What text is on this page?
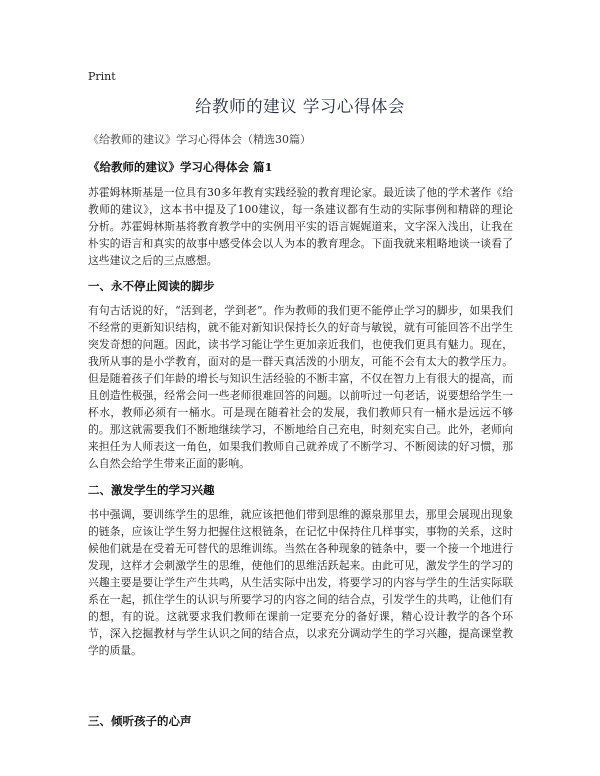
Print
给教师的建议 学习心得体会
《给教师的建议》学习心得体会（精选30篇）
《给教师的建议》学习心得体会 篇1
苏霍姆林斯基是一位具有30多年教育实践经验的教育理论家。最近读了他的学术著作《给教师的建议》，这本书中提及了100建议，每一条建议都有生动的实际事例和精辟的理论分析。苏霍姆林斯基将教育教学中的实例用平实的语言娓娓道来，文字深入浅出，让我在朴实的语言和真实的故事中感受体会以人为本的教育理念。下面我就来粗略地谈一谈看了这些建议之后的三点感想。
一、永不停止阅读的脚步
有句古话说的好，“活到老，学到老”。作为教师的我们更不能停止学习的脚步，如果我们不经常的更新知识结构，就不能对新知识保持长久的好奇与敏锐，就有可能回答不出学生突发奇想的问题。因此，读书学习能让学生更加亲近我们，也使我们更具有魅力。现在，我所从事的是小学教育，面对的是一群天真活泼的小朋友，可能不会有太大的教学压力。但是随着孩子们年龄的增长与知识生活经验的不断丰富，不仅在智力上有很大的提高，而且创造性极强，经常会问一些老师很难回答的问题。以前听过一句老话，说要想给学生一杯水，教师必须有一桶水。可是现在随着社会的发展，我们教师只有一桶水是远远不够的。那这就需要我们不断地继续学习，不断地给自己充电，时刻充实自己。此外，老师向来担任为人师表这一角色，如果我们教师自己就养成了不断学习、不断阅读的好习惯，那么自然会给学生带来正面的影响。
二、激发学生的学习兴趣
书中强调，要训练学生的思维，就应该把他们带到思维的源泉那里去，那里会展现出现象的链条，应该让学生努力把握住这根链条，在记忆中保持住几样事实，事物的关系，这时候他们就是在受着无可替代的思维训练。当然在各种现象的链条中，要一个接一个地进行发现，这样才会刺激学生的思维，使他们的思维活跃起来。由此可见，激发学生的学习的兴趣主要是要让学生产生共鸣，从生活实际中出发，将要学习的内容与学生的生活实际联系在一起，抓住学生的认识与所要学习的内容之间的结合点，引发学生的共鸣，让他们有的想，有的说。这就要求我们教师在课前一定要充分的备好课，精心设计教学的各个环节，深入挖掘教材与学生认识之间的结合点，以求充分调动学生的学习兴趣，提高课堂教学的质量。
三、倾听孩子的心声
